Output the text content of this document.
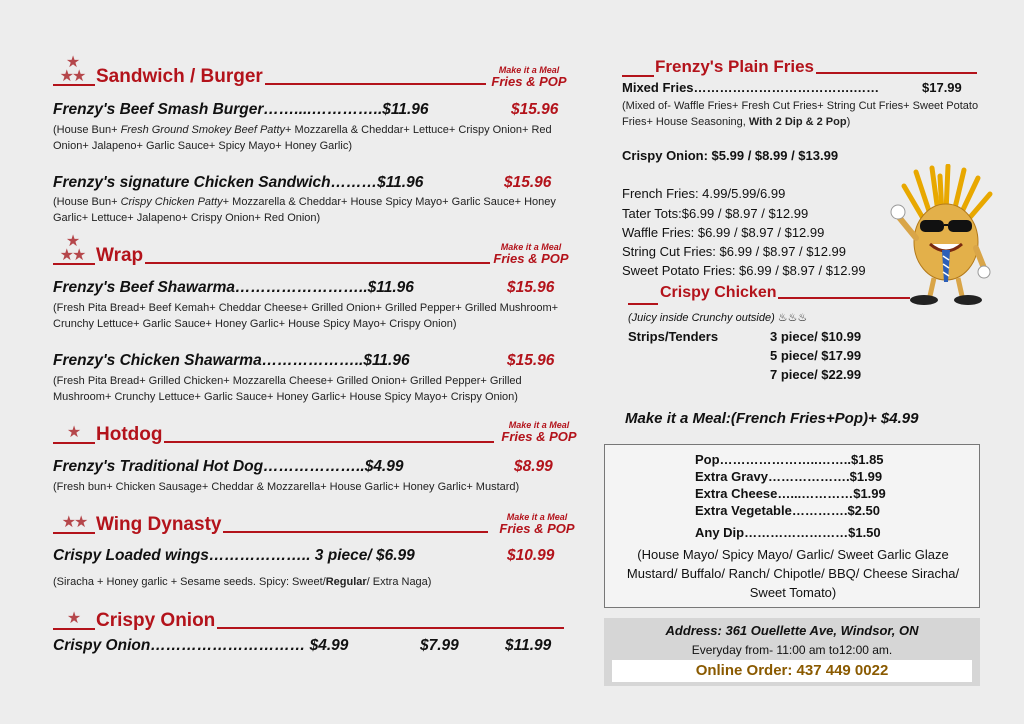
★
★★ Sandwich / Burger	Make it a Meal
Fries & POP
Frenzy's Beef Smash Burger……....…………..$11.96	$15.96
(House Bun+ Fresh Ground Smokey Beef Patty+ Mozzarella & Cheddar+ Lettuce+ Crispy Onion+ Red Onion+ Jalapeno+ Garlic Sauce+ Spicy Mayo+ Honey Garlic)
Frenzy's signature Chicken Sandwich………$11.96	$15.96
(House Bun+ Crispy Chicken Patty+ Mozzarella & Cheddar+ House Spicy Mayo+ Garlic Sauce+ Honey Garlic+ Lettuce+ Jalapeno+ Crispy Onion+ Red Onion)
★
★★ Wrap	Make it a Meal
Fries & POP
Frenzy's Beef Shawarma……………………..$11.96	$15.96
(Fresh Pita Bread+ Beef Kemah+ Cheddar Cheese+ Grilled Onion+ Grilled Pepper+ Grilled Mushroom+ Crunchy Lettuce+ Garlic Sauce+ Honey Garlic+ House Spicy Mayo+ Crispy Onion)
Frenzy's Chicken Shawarma………………..$11.96	$15.96
(Fresh Pita Bread+ Grilled Chicken+ Mozzarella Cheese+ Grilled Onion+ Grilled Pepper+ Grilled Mushroom+ Crunchy Lettuce+ Garlic Sauce+ Honey Garlic+ House Spicy Mayo+ Crispy Onion)
★ Hotdog	Make it a Meal
Fries & POP
Frenzy's Traditional Hot Dog………………..$4.99	$8.99
(Fresh bun+ Chicken Sausage+ Cheddar & Mozzarella+ House Garlic+ Honey Garlic+ Mustard)
★★ Wing Dynasty	Make it a Meal
Fries & POP
Crispy Loaded wings……………….. 3 piece/ $6.99	$10.99
(Siracha + Honey garlic + Sesame seeds. Spicy: Sweet/Regular/ Extra Naga)
★ Crispy Onion
Crispy Onion………………………… $4.99	$7.99	$11.99
Frenzy's Plain Fries
Mixed Fries……………………………….……	$17.99
(Mixed of- Waffle Fries+ Fresh Cut Fries+ String Cut Fries+ Sweet Potato Fries+ House Seasoning, With 2 Dip & 2 Pop)
Crispy Onion: $5.99 / $8.99 / $13.99
French Fries: 4.99/5.99/6.99
Tater Tots:$6.99 / $8.97 / $12.99
Waffle Fries: $6.99 / $8.97 / $12.99
String Cut Fries: $6.99 / $8.97 / $12.99
Sweet Potato Fries: $6.99 / $8.97 / $12.99
Crispy Chicken
(Juicy inside Crunchy outside) ♨♨♨
Strips/Tenders	3 piece/ $10.99
5 piece/ $17.99
7 piece/ $22.99
Make it a Meal:(French Fries+Pop)+ $4.99
Pop…………………..……..$1.85
Extra Gravy……………….$1.99
Extra Cheese…...…………$1.99
Extra Vegetable………….$2.50
Any Dip……………………$1.50
(House Mayo/ Spicy Mayo/ Garlic/ Sweet Garlic Glaze Mustard/ Buffalo/ Ranch/ Chipotle/ BBQ/ Cheese Siracha/ Sweet Tomato)
Address: 361 Ouellette Ave, Windsor, ON
Everyday from- 11:00 am to12:00 am.
Online Order: 437 449 0022
